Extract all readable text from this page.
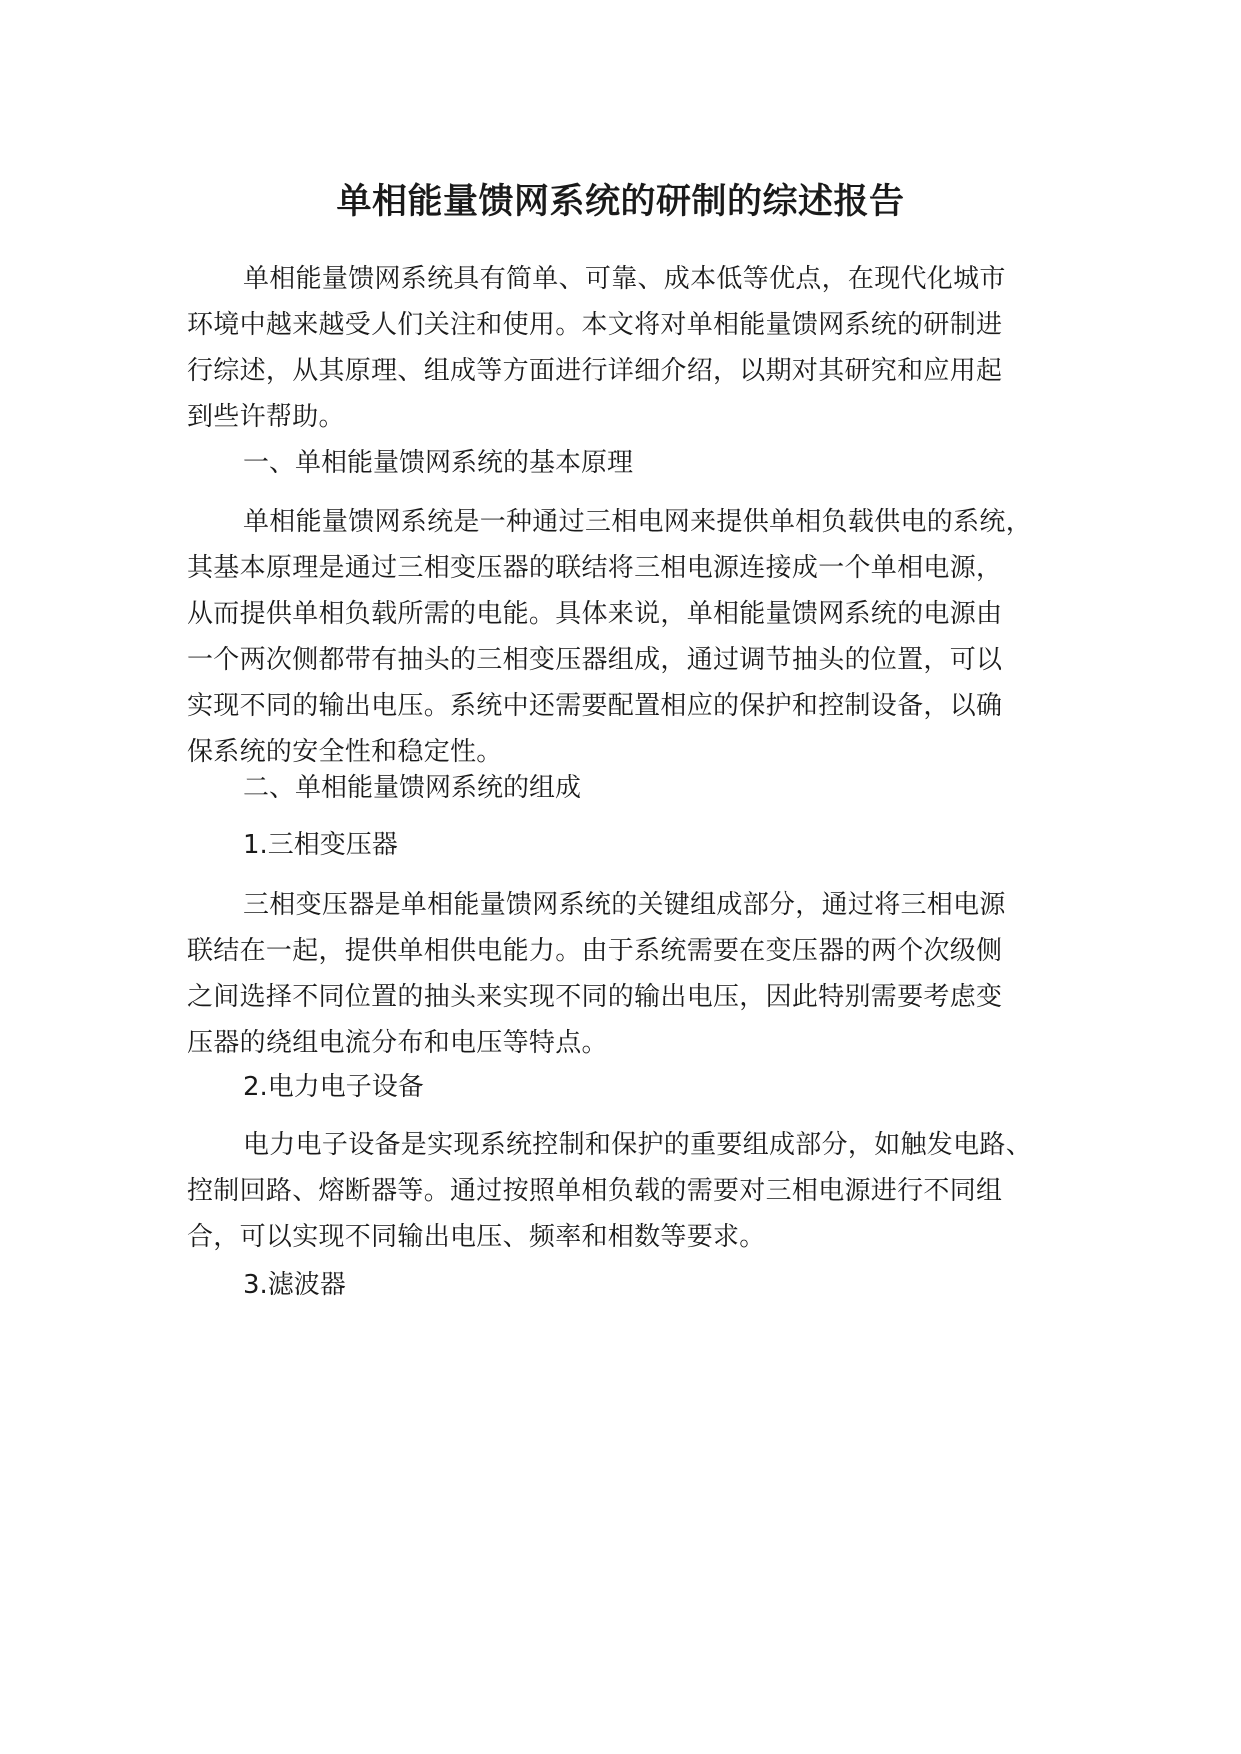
单相能量馈网系统的研制的综述报告
单相能量馈网系统具有简单、可靠、成本低等优点，在现代化城市
环境中越来越受人们关注和使用。本文将对单相能量馈网系统的研制进
行综述，从其原理、组成等方面进行详细介绍，以期对其研究和应用起
到些许帮助。
一、单相能量馈网系统的基本原理
单相能量馈网系统是一种通过三相电网来提供单相负载供电的系统，
其基本原理是通过三相变压器的联结将三相电源连接成一个单相电源，
从而提供单相负载所需的电能。具体来说，单相能量馈网系统的电源由
一个两次侧都带有抽头的三相变压器组成，通过调节抽头的位置，可以
实现不同的输出电压。系统中还需要配置相应的保护和控制设备，以确
保系统的安全性和稳定性。
二、单相能量馈网系统的组成
1.三相变压器
三相变压器是单相能量馈网系统的关键组成部分，通过将三相电源
联结在一起，提供单相供电能力。由于系统需要在变压器的两个次级侧
之间选择不同位置的抽头来实现不同的输出电压，因此特别需要考虑变
压器的绕组电流分布和电压等特点。
2.电力电子设备
电力电子设备是实现系统控制和保护的重要组成部分，如触发电路、
控制回路、熔断器等。通过按照单相负载的需要对三相电源进行不同组
合，可以实现不同输出电压、频率和相数等要求。
3.滤波器
